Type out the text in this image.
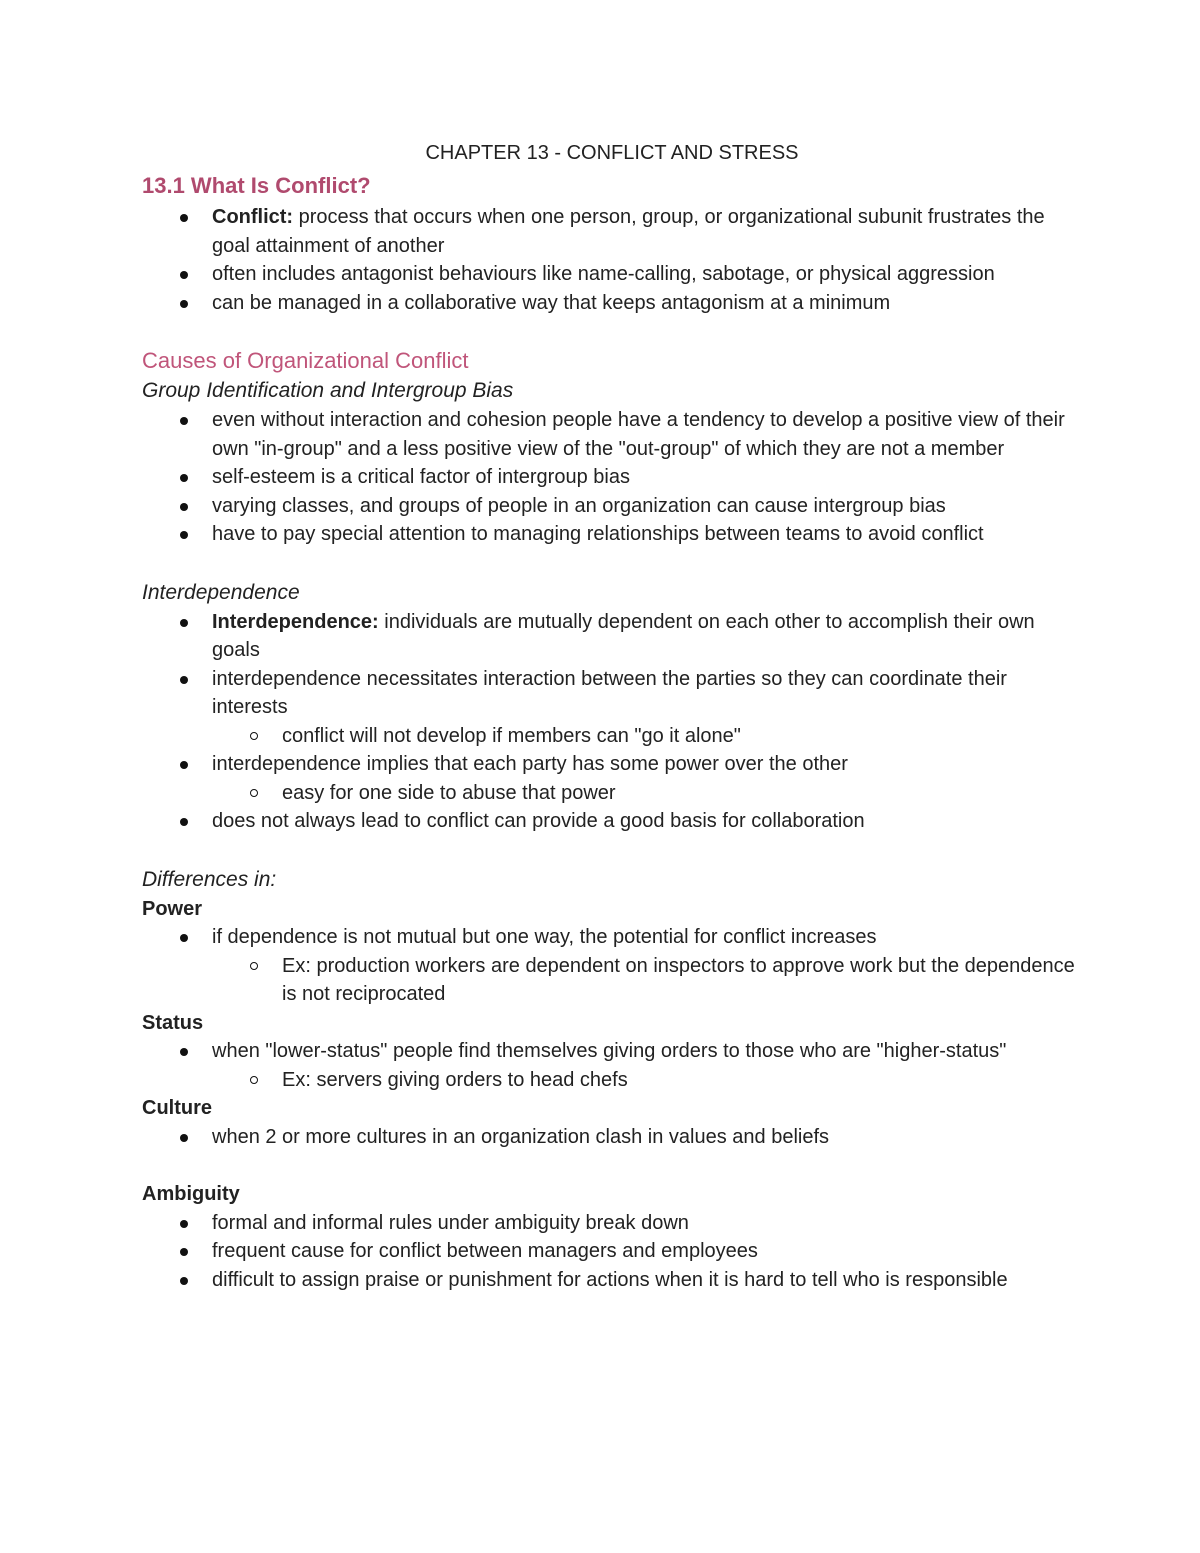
CHAPTER 13 - CONFLICT AND STRESS
13.1 What Is Conflict?
Conflict: process that occurs when one person, group, or organizational subunit frustrates the goal attainment of another
often includes antagonist behaviours like name-calling, sabotage, or physical aggression
can be managed in a collaborative way that keeps antagonism at a minimum
Causes of Organizational Conflict
Group Identification and Intergroup Bias
even without interaction and cohesion people have a tendency to develop a positive view of their own "in-group" and a less positive view of the "out-group" of which they are not a member
self-esteem is a critical factor of intergroup bias
varying classes, and groups of people in an organization can cause intergroup bias
have to pay special attention to managing relationships between teams to avoid conflict
Interdependence
Interdependence: individuals are mutually dependent on each other to accomplish their own goals
interdependence necessitates interaction between the parties so they can coordinate their interests
conflict will not develop if members can "go it alone"
interdependence implies that each party has some power over the other
easy for one side to abuse that power
does not always lead to conflict can provide a good basis for collaboration
Differences in:
Power
if dependence is not mutual but one way, the potential for conflict increases
Ex: production workers are dependent on inspectors to approve work but the dependence is not reciprocated
Status
when "lower-status" people find themselves giving orders to those who are "higher-status"
Ex: servers giving orders to head chefs
Culture
when 2 or more cultures in an organization clash in values and beliefs
Ambiguity
formal and informal rules under ambiguity break down
frequent cause for conflict between managers and employees
difficult to assign praise or punishment for actions when it is hard to tell who is responsible
